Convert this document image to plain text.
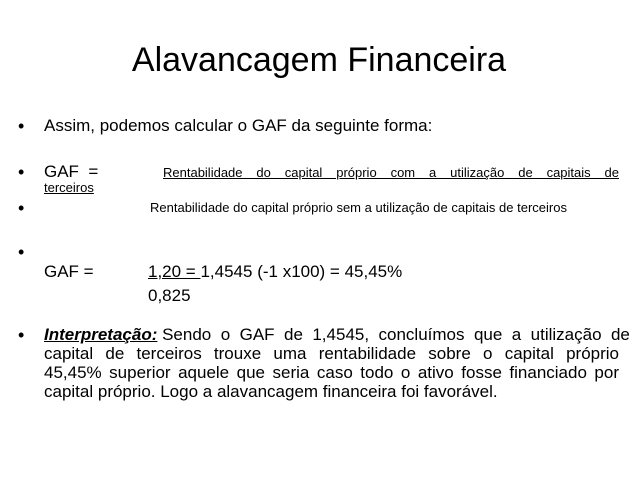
Alavancagem Financeira
• Assim, podemos calcular o GAF da seguinte forma:
• GAF  =	Rentabilidade do capital próprio com a utilização de capitais de
terceiros
•	Rentabilidade do capital próprio sem a utilização de capitais de terceiros
•
GAF =	1,20 = 1,4545 (-1 x100) = 45,45%
0,825
• Interpretação: Sendo  o  GAF  de  1,4545,  concluímos  que  a  utilização  de
capital  de  terceiros  trouxe  uma  rentabilidade  sobre  o  capital  próprio
45,45% superior aquele que seria caso todo o ativo fosse financiado por
capital próprio. Logo a alavancagem financeira foi favorável.
